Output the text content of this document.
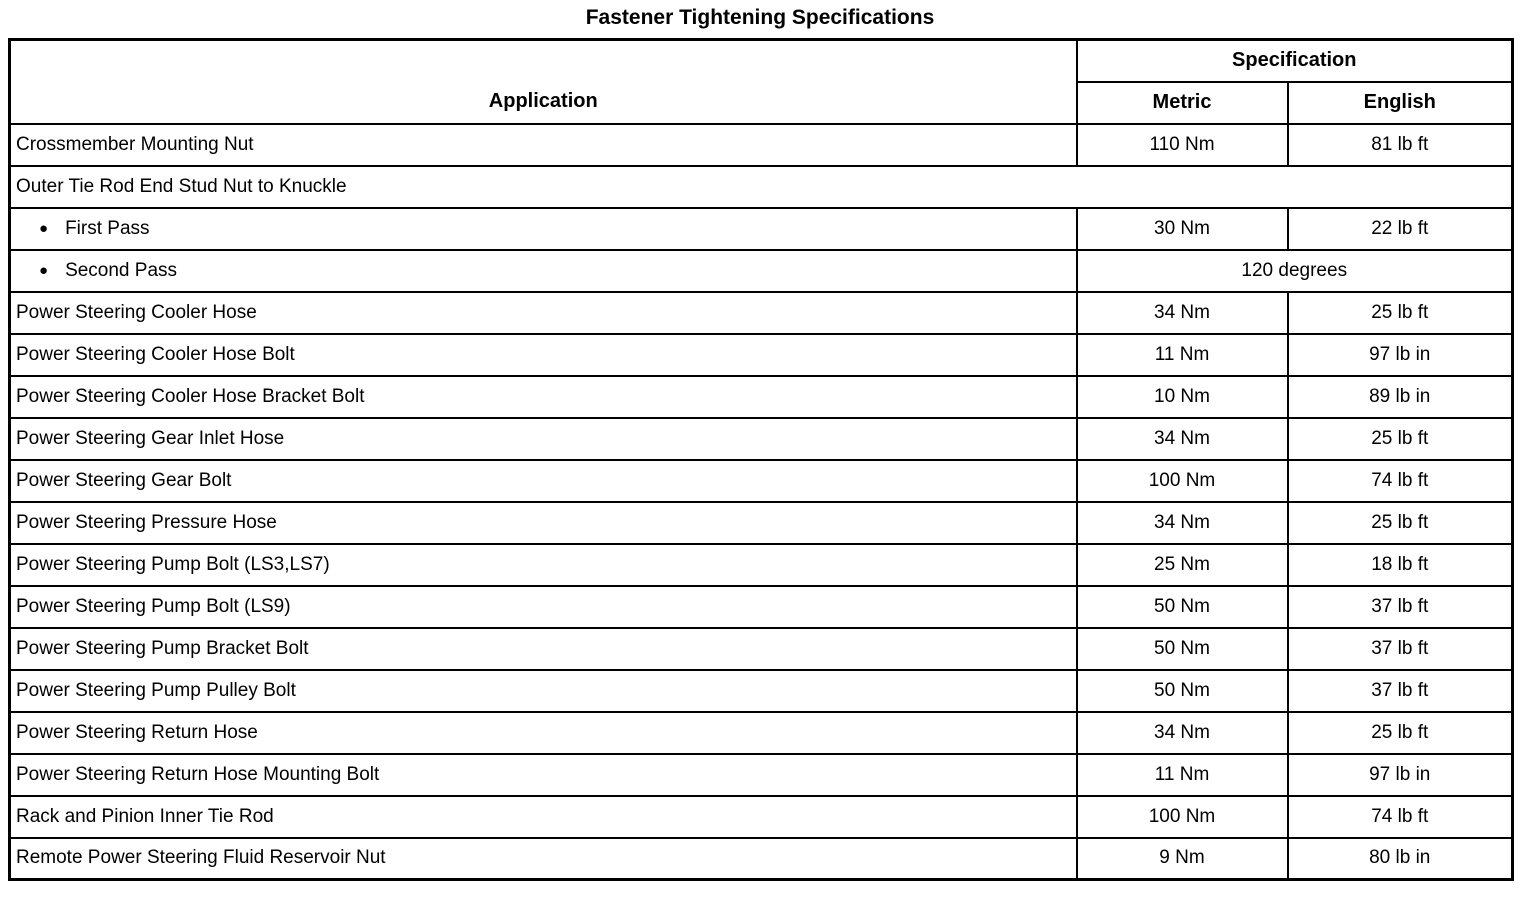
Fastener Tightening Specifications
Application	Specification	
	Metric	English
Crossmember Mounting Nut	110 Nm	81 lb ft
Outer Tie Rod End Stud Nut to Knuckle		
● First Pass	30 Nm	22 lb ft
● Second Pass	120 degrees	
Power Steering Cooler Hose	34 Nm	25 lb ft
Power Steering Cooler Hose Bolt	11 Nm	97 lb in
Power Steering Cooler Hose Bracket Bolt	10 Nm	89 lb in
Power Steering Gear Inlet Hose	34 Nm	25 lb ft
Power Steering Gear Bolt	100 Nm	74 lb ft
Power Steering Pressure Hose	34 Nm	25 lb ft
Power Steering Pump Bolt (LS3,LS7)	25 Nm	18 lb ft
Power Steering Pump Bolt (LS9)	50 Nm	37 lb ft
Power Steering Pump Bracket Bolt	50 Nm	37 lb ft
Power Steering Pump Pulley Bolt	50 Nm	37 lb ft
Power Steering Return Hose	34 Nm	25 lb ft
Power Steering Return Hose Mounting Bolt	11 Nm	97 lb in
Rack and Pinion Inner Tie Rod	100 Nm	74 lb ft
Remote Power Steering Fluid Reservoir Nut	9 Nm	80 lb in
